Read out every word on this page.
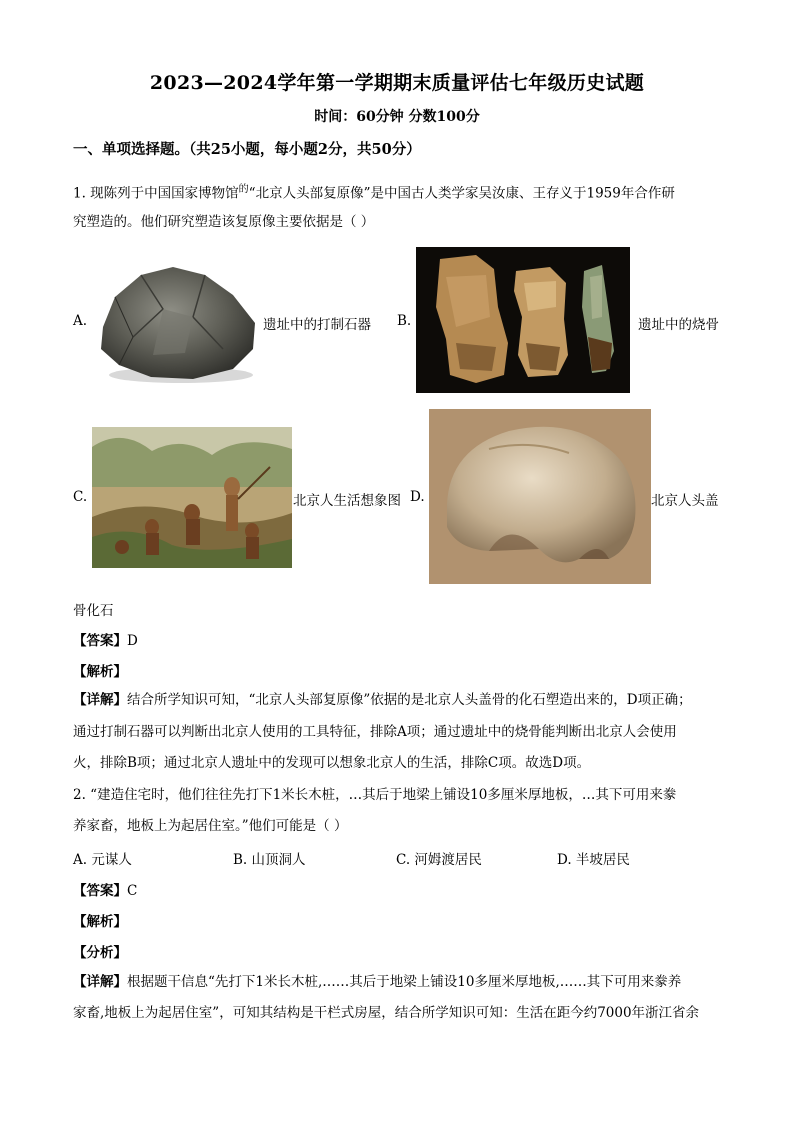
2023—2024学年第一学期期末质量评估七年级历史试题
时间：60分钟 分数100分
一、单项选择题。（共25小题，每小题2分，共50分）
1. 现陈列于中国国家博物馆$^的$“北京人头部复原像”是中国古人类学家吴汝康、王存义于1959年合作研
究塑造的。他们研究塑造该复原像主要依据是（ ）
A.	遗址中的打制石器 B.	遗址中的烧骨
C.	北京人生活想象图 D.	北京人头盖
骨化石
【答案】D
【解析】
【详解】结合所学知识可知，“北京人头部复原像”依据的是北京人头盖骨的化石塑造出来的，D项正确；
通过打制石器可以判断出北京人使用的工具特征，排除A项；通过遗址中的烧骨能判断出北京人会使用
火，排除B项；通过北京人遗址中的发现可以想象北京人的生活，排除C项。故选D项。
2. “建造住宅时，他们往往先打下1米长木桩，…其后于地梁上铺设10多厘米厚地板，…其下可用来豢
养家畜，地板上为起居住室。”他们可能是（ ）
A. 元谋人	B. 山顶洞人	C. 河姆渡居民	D. 半坡居民
【答案】C
【解析】
【分析】
【详解】根据题干信息“先打下1米长木桩,……其后于地梁上铺设10多厘米厚地板,……其下可用来豢养
家畜,地板上为起居住室”，可知其结构是干栏式房屋，结合所学知识可知：生活在距今约7000年浙江省余
